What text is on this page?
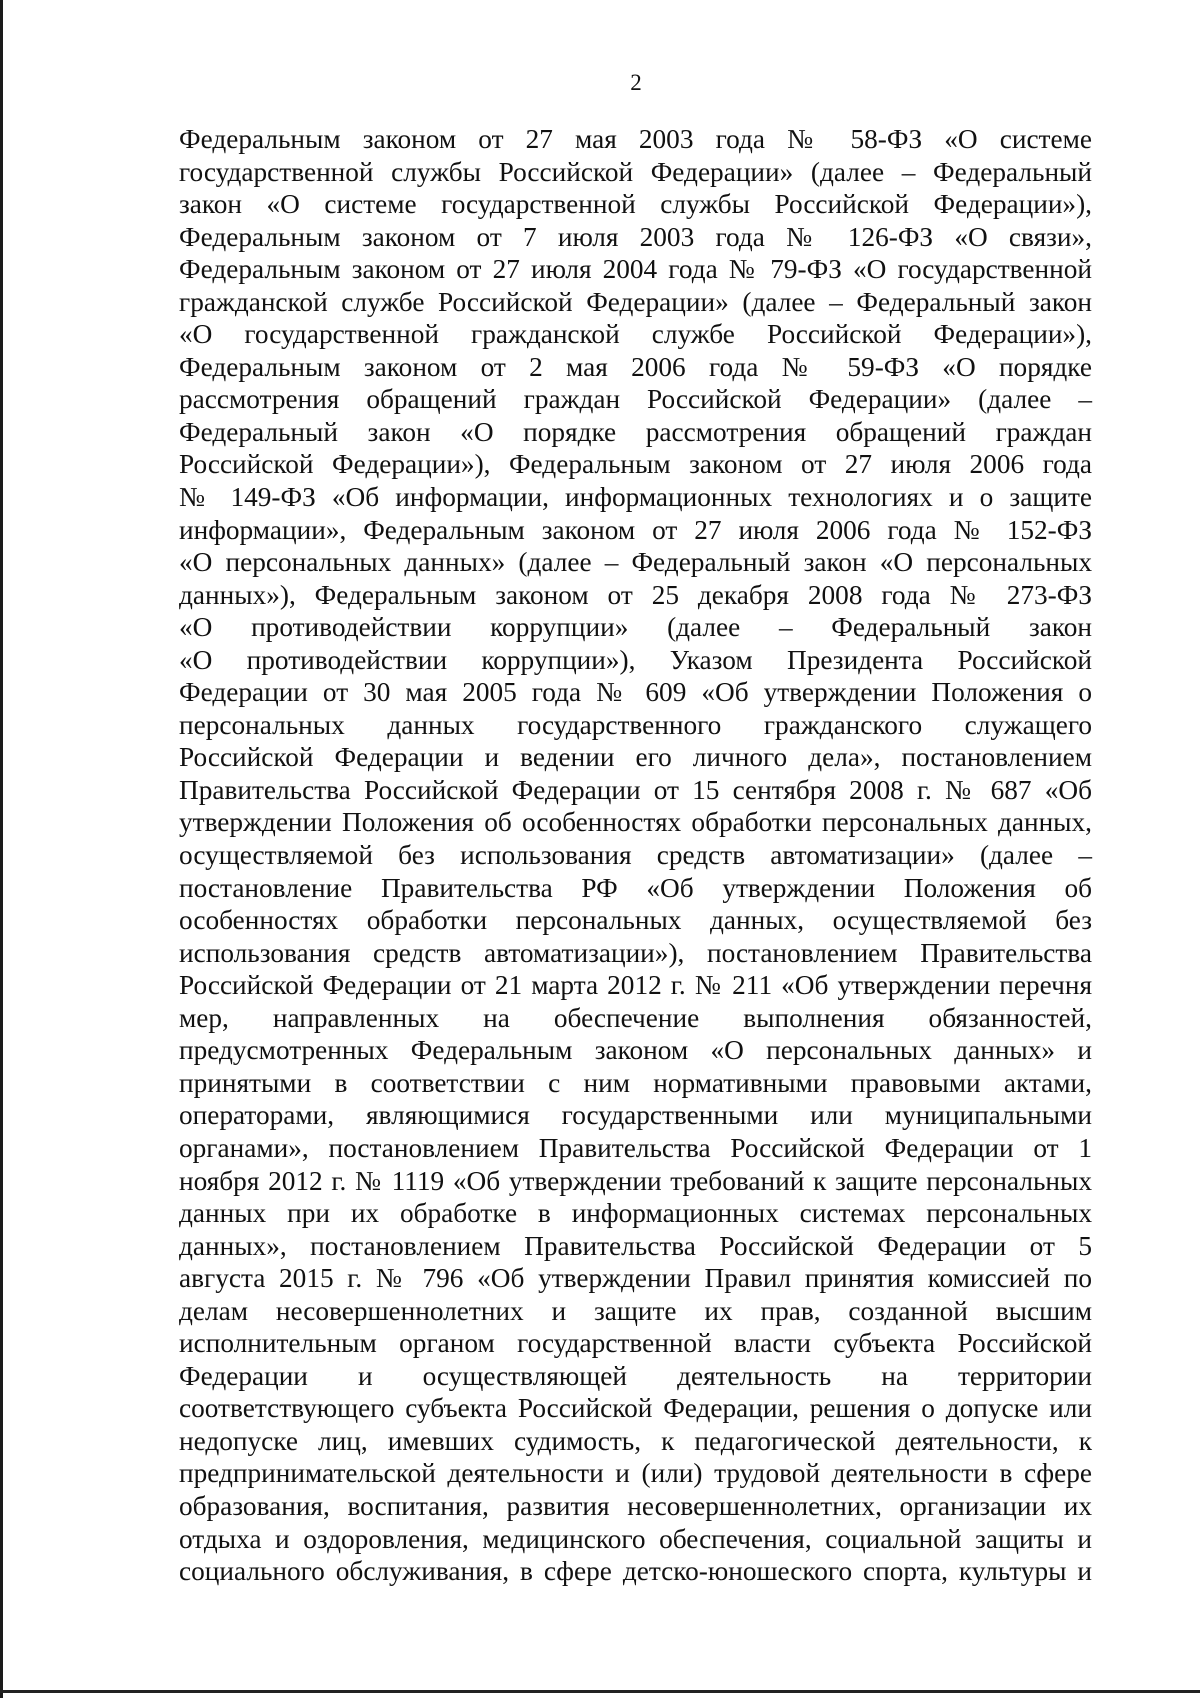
2
Федеральным законом от 27 мая 2003 года № 58-ФЗ «О системе
государственной службы Российской Федерации» (далее – Федеральный
закон «О системе государственной службы Российской Федерации»),
Федеральным законом от 7 июля 2003 года № 126-ФЗ «О связи»,
Федеральным законом от 27 июля 2004 года № 79-ФЗ «О государственной
гражданской службе Российской Федерации» (далее – Федеральный закон
«О государственной гражданской службе Российской Федерации»),
Федеральным законом от 2 мая 2006 года № 59-ФЗ «О порядке
рассмотрения обращений граждан Российской Федерации» (далее –
Федеральный закон «О порядке рассмотрения обращений граждан
Российской Федерации»), Федеральным законом от 27 июля 2006 года
№ 149-ФЗ «Об информации, информационных технологиях и о защите
информации», Федеральным законом от 27 июля 2006 года № 152-ФЗ
«О персональных данных» (далее – Федеральный закон «О персональных
данных»), Федеральным законом от 25 декабря 2008 года № 273-ФЗ
«О противодействии коррупции» (далее – Федеральный закон
«О противодействии коррупции»), Указом Президента Российской
Федерации от 30 мая 2005 года № 609 «Об утверждении Положения о
персональных данных государственного гражданского служащего
Российской Федерации и ведении его личного дела», постановлением
Правительства Российской Федерации от 15 сентября 2008 г. № 687 «Об
утверждении Положения об особенностях обработки персональных данных,
осуществляемой без использования средств автоматизации» (далее –
постановление Правительства РФ «Об утверждении Положения об
особенностях обработки персональных данных, осуществляемой без
использования средств автоматизации»), постановлением Правительства
Российской Федерации от 21 марта 2012 г. № 211 «Об утверждении перечня
мер, направленных на обеспечение выполнения обязанностей,
предусмотренных Федеральным законом «О персональных данных» и
принятыми в соответствии с ним нормативными правовыми актами,
операторами, являющимися государственными или муниципальными
органами», постановлением Правительства Российской Федерации от 1
ноября 2012 г. № 1119 «Об утверждении требований к защите персональных
данных при их обработке в информационных системах персональных
данных», постановлением Правительства Российской Федерации от 5
августа 2015 г. № 796 «Об утверждении Правил принятия комиссией по
делам несовершеннолетних и защите их прав, созданной высшим
исполнительным органом государственной власти субъекта Российской
Федерации и осуществляющей деятельность на территории
соответствующего субъекта Российской Федерации, решения о допуске или
недопуске лиц, имевших судимость, к педагогической деятельности, к
предпринимательской деятельности и (или) трудовой деятельности в сфере
образования, воспитания, развития несовершеннолетних, организации их
отдыха и оздоровления, медицинского обеспечения, социальной защиты и
социального обслуживания, в сфере детско-юношеского спорта, культуры и
